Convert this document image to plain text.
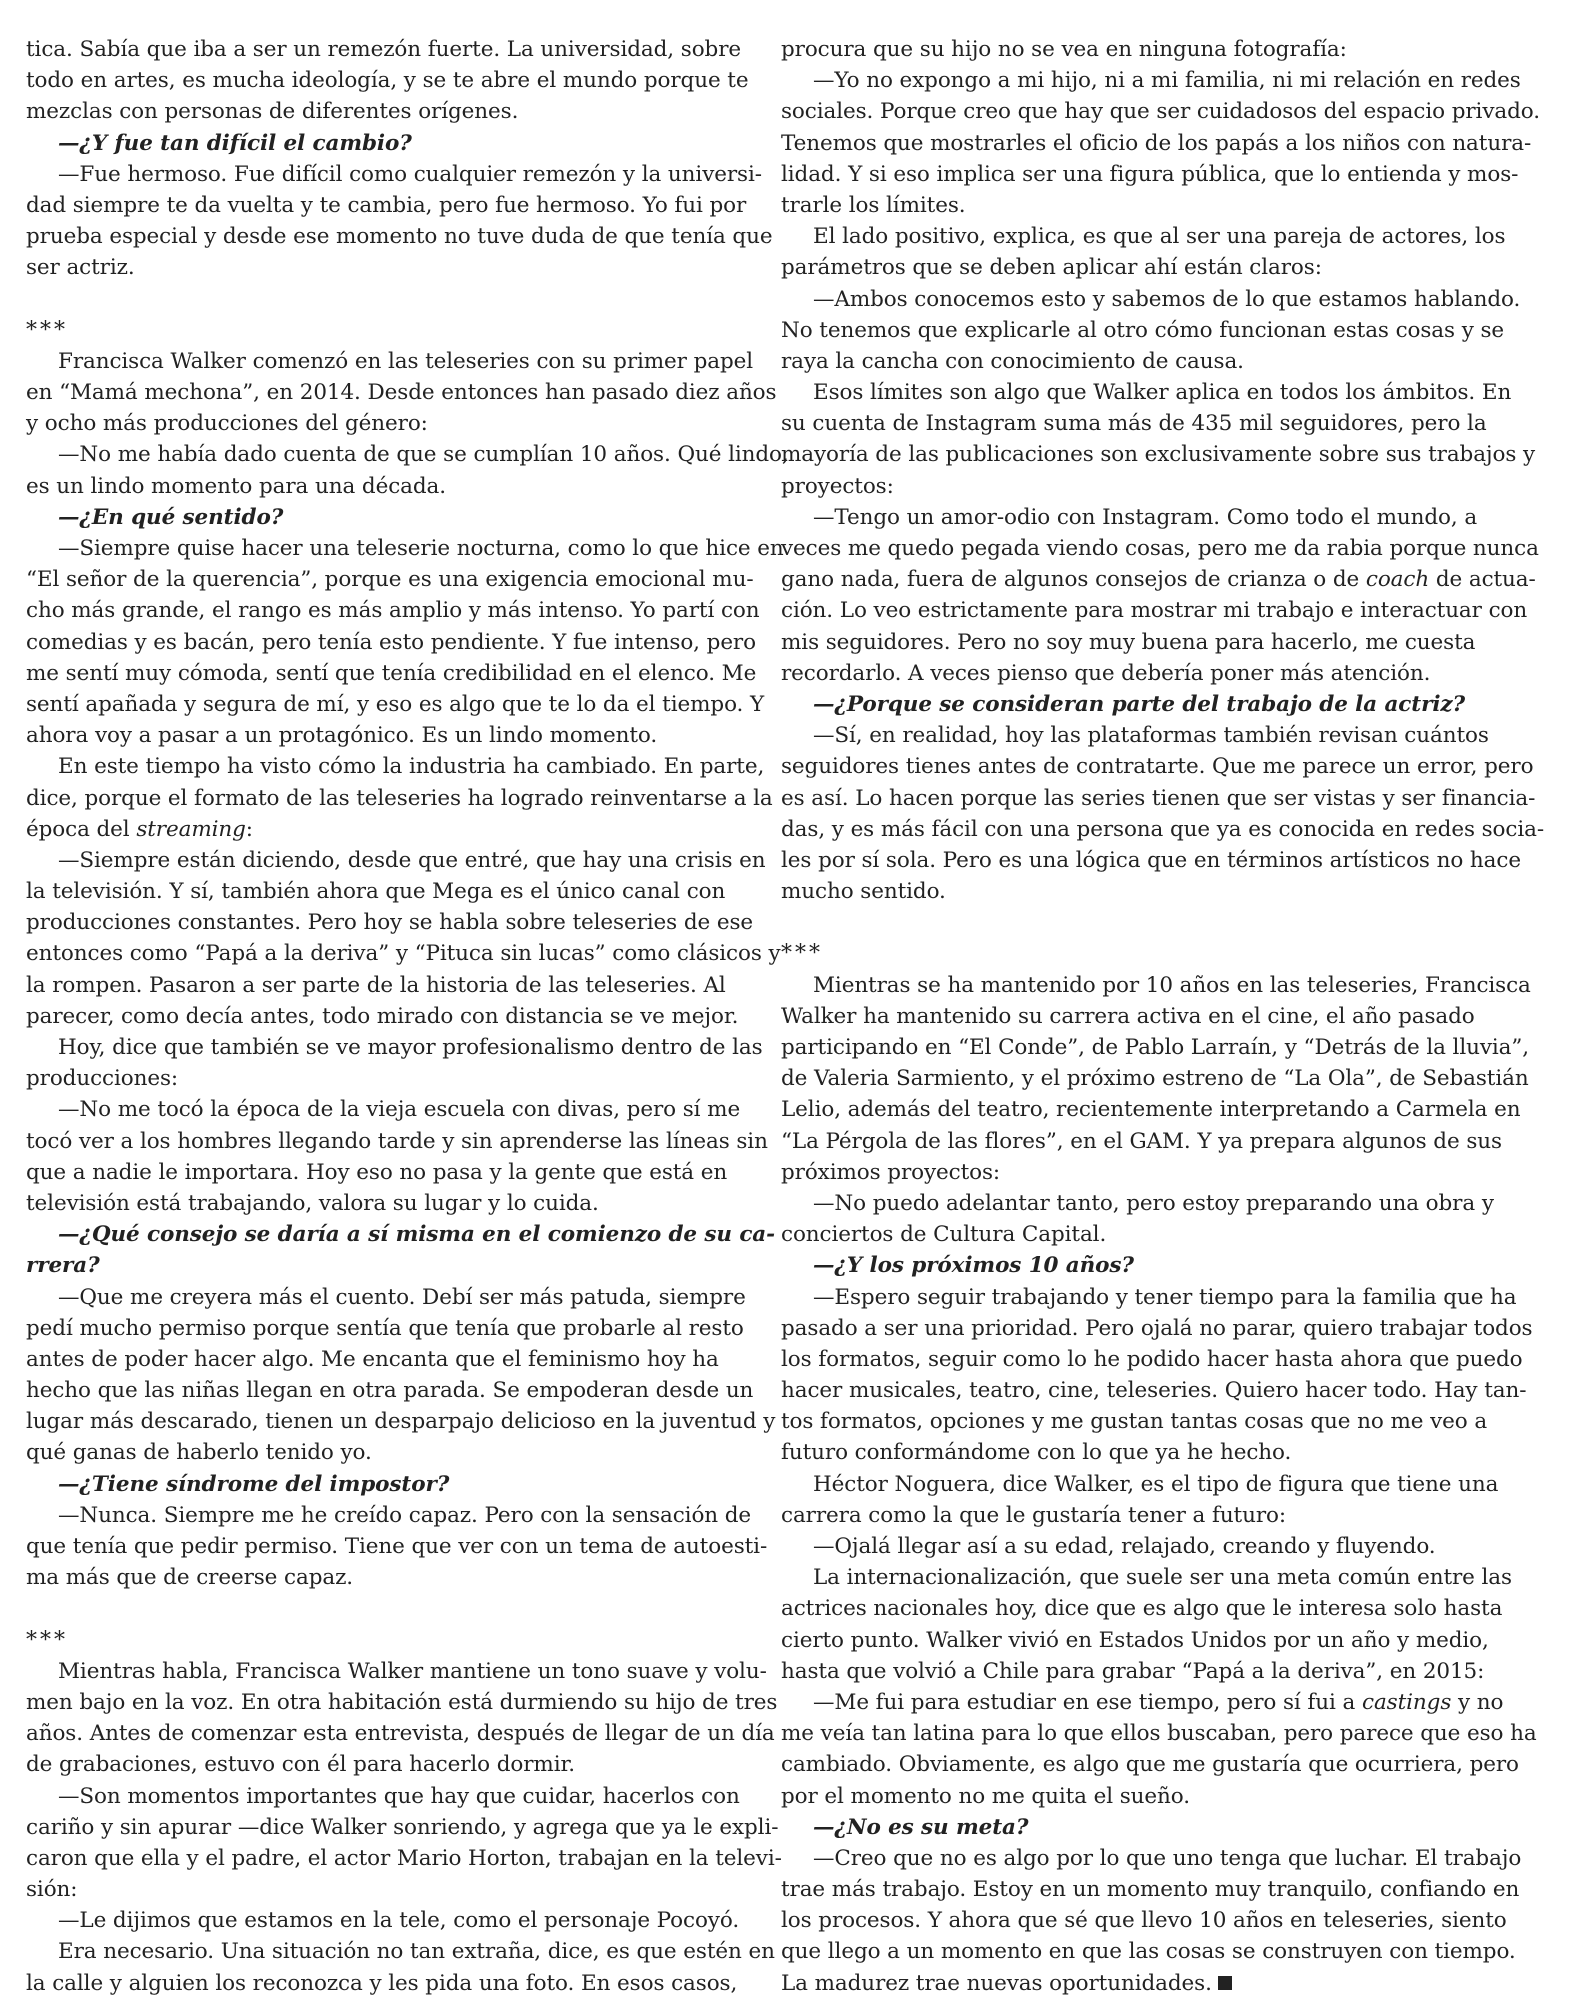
tica. Sabía que iba a ser un remezón fuerte. La universidad, sobre
todo en artes, es mucha ideología, y se te abre el mundo porque te
mezclas con personas de diferentes orígenes.
—¿Y fue tan difícil el cambio?
—Fue hermoso. Fue difícil como cualquier remezón y la universi-
dad siempre te da vuelta y te cambia, pero fue hermoso. Yo fui por
prueba especial y desde ese momento no tuve duda de que tenía que
ser actriz.
***
Francisca Walker comenzó en las teleseries con su primer papel
en “Mamá mechona”, en 2014. Desde entonces han pasado diez años
y ocho más producciones del género:
—No me había dado cuenta de que se cumplían 10 años. Qué lindo,
es un lindo momento para una década.
—¿En qué sentido?
—Siempre quise hacer una teleserie nocturna, como lo que hice en
“El señor de la querencia”, porque es una exigencia emocional mu-
cho más grande, el rango es más amplio y más intenso. Yo partí con
comedias y es bacán, pero tenía esto pendiente. Y fue intenso, pero
me sentí muy cómoda, sentí que tenía credibilidad en el elenco. Me
sentí apañada y segura de mí, y eso es algo que te lo da el tiempo. Y
ahora voy a pasar a un protagónico. Es un lindo momento.
En este tiempo ha visto cómo la industria ha cambiado. En parte,
dice, porque el formato de las teleseries ha logrado reinventarse a la
época del streaming:
—Siempre están diciendo, desde que entré, que hay una crisis en
la televisión. Y sí, también ahora que Mega es el único canal con
producciones constantes. Pero hoy se habla sobre teleseries de ese
entonces como “Papá a la deriva” y “Pituca sin lucas” como clásicos y
la rompen. Pasaron a ser parte de la historia de las teleseries. Al
parecer, como decía antes, todo mirado con distancia se ve mejor.
Hoy, dice que también se ve mayor profesionalismo dentro de las
producciones:
—No me tocó la época de la vieja escuela con divas, pero sí me
tocó ver a los hombres llegando tarde y sin aprenderse las líneas sin
que a nadie le importara. Hoy eso no pasa y la gente que está en
televisión está trabajando, valora su lugar y lo cuida.
—¿Qué consejo se daría a sí misma en el comienzo de su ca-
rrera?
—Que me creyera más el cuento. Debí ser más patuda, siempre
pedí mucho permiso porque sentía que tenía que probarle al resto
antes de poder hacer algo. Me encanta que el feminismo hoy ha
hecho que las niñas llegan en otra parada. Se empoderan desde un
lugar más descarado, tienen un desparpajo delicioso en la juventud y
qué ganas de haberlo tenido yo.
—¿Tiene síndrome del impostor?
—Nunca. Siempre me he creído capaz. Pero con la sensación de
que tenía que pedir permiso. Tiene que ver con un tema de autoesti-
ma más que de creerse capaz.
***
Mientras habla, Francisca Walker mantiene un tono suave y volu-
men bajo en la voz. En otra habitación está durmiendo su hijo de tres
años. Antes de comenzar esta entrevista, después de llegar de un día
de grabaciones, estuvo con él para hacerlo dormir.
—Son momentos importantes que hay que cuidar, hacerlos con
cariño y sin apurar —dice Walker sonriendo, y agrega que ya le expli-
caron que ella y el padre, el actor Mario Horton, trabajan en la televi-
sión:
—Le dijimos que estamos en la tele, como el personaje Pocoyó.
Era necesario. Una situación no tan extraña, dice, es que estén en
la calle y alguien los reconozca y les pida una foto. En esos casos,
procura que su hijo no se vea en ninguna fotografía:
—Yo no expongo a mi hijo, ni a mi familia, ni mi relación en redes
sociales. Porque creo que hay que ser cuidadosos del espacio privado.
Tenemos que mostrarles el oficio de los papás a los niños con natura-
lidad. Y si eso implica ser una figura pública, que lo entienda y mos-
trarle los límites.
El lado positivo, explica, es que al ser una pareja de actores, los
parámetros que se deben aplicar ahí están claros:
—Ambos conocemos esto y sabemos de lo que estamos hablando.
No tenemos que explicarle al otro cómo funcionan estas cosas y se
raya la cancha con conocimiento de causa.
Esos límites son algo que Walker aplica en todos los ámbitos. En
su cuenta de Instagram suma más de 435 mil seguidores, pero la
mayoría de las publicaciones son exclusivamente sobre sus trabajos y
proyectos:
—Tengo un amor-odio con Instagram. Como todo el mundo, a
veces me quedo pegada viendo cosas, pero me da rabia porque nunca
gano nada, fuera de algunos consejos de crianza o de coach de actua-
ción. Lo veo estrictamente para mostrar mi trabajo e interactuar con
mis seguidores. Pero no soy muy buena para hacerlo, me cuesta
recordarlo. A veces pienso que debería poner más atención.
—¿Porque se consideran parte del trabajo de la actriz?
—Sí, en realidad, hoy las plataformas también revisan cuántos
seguidores tienes antes de contratarte. Que me parece un error, pero
es así. Lo hacen porque las series tienen que ser vistas y ser financia-
das, y es más fácil con una persona que ya es conocida en redes socia-
les por sí sola. Pero es una lógica que en términos artísticos no hace
mucho sentido.
***
Mientras se ha mantenido por 10 años en las teleseries, Francisca
Walker ha mantenido su carrera activa en el cine, el año pasado
participando en “El Conde”, de Pablo Larraín, y “Detrás de la lluvia”,
de Valeria Sarmiento, y el próximo estreno de “La Ola”, de Sebastián
Lelio, además del teatro, recientemente interpretando a Carmela en
“La Pérgola de las flores”, en el GAM. Y ya prepara algunos de sus
próximos proyectos:
—No puedo adelantar tanto, pero estoy preparando una obra y
conciertos de Cultura Capital.
—¿Y los próximos 10 años?
—Espero seguir trabajando y tener tiempo para la familia que ha
pasado a ser una prioridad. Pero ojalá no parar, quiero trabajar todos
los formatos, seguir como lo he podido hacer hasta ahora que puedo
hacer musicales, teatro, cine, teleseries. Quiero hacer todo. Hay tan-
tos formatos, opciones y me gustan tantas cosas que no me veo a
futuro conformándome con lo que ya he hecho.
Héctor Noguera, dice Walker, es el tipo de figura que tiene una
carrera como la que le gustaría tener a futuro:
—Ojalá llegar así a su edad, relajado, creando y fluyendo.
La internacionalización, que suele ser una meta común entre las
actrices nacionales hoy, dice que es algo que le interesa solo hasta
cierto punto. Walker vivió en Estados Unidos por un año y medio,
hasta que volvió a Chile para grabar “Papá a la deriva”, en 2015:
—Me fui para estudiar en ese tiempo, pero sí fui a castings y no
me veía tan latina para lo que ellos buscaban, pero parece que eso ha
cambiado. Obviamente, es algo que me gustaría que ocurriera, pero
por el momento no me quita el sueño.
—¿No es su meta?
—Creo que no es algo por lo que uno tenga que luchar. El trabajo
trae más trabajo. Estoy en un momento muy tranquilo, confiando en
los procesos. Y ahora que sé que llevo 10 años en teleseries, siento
que llego a un momento en que las cosas se construyen con tiempo.
La madurez trae nuevas oportunidades.
